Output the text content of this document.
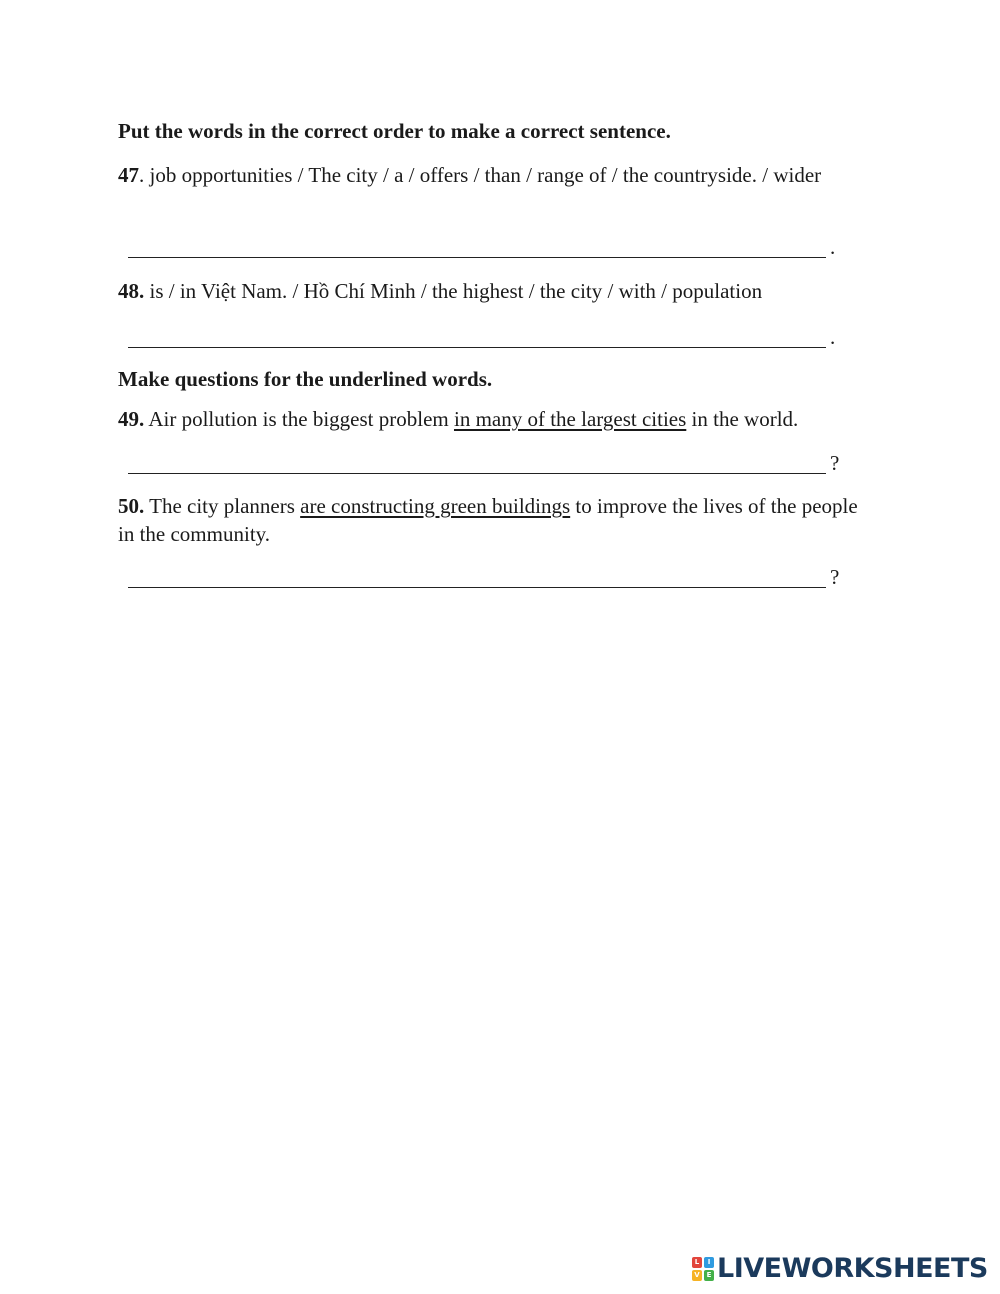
Put the words in the correct order to make a correct sentence.
47. job opportunities / The city / a / offers / than / range of / the countryside. / wider
.
48. is / in Việt Nam. / Hồ Chí Minh / the highest / the city / with / population
.
Make questions for the underlined words.
49. Air pollution is the biggest problem in many of the largest cities in the world.
?
50. The city planners are constructing green buildings to improve the lives of the people in the community.
?
L	I
V E LIVEWORKSHEETS
